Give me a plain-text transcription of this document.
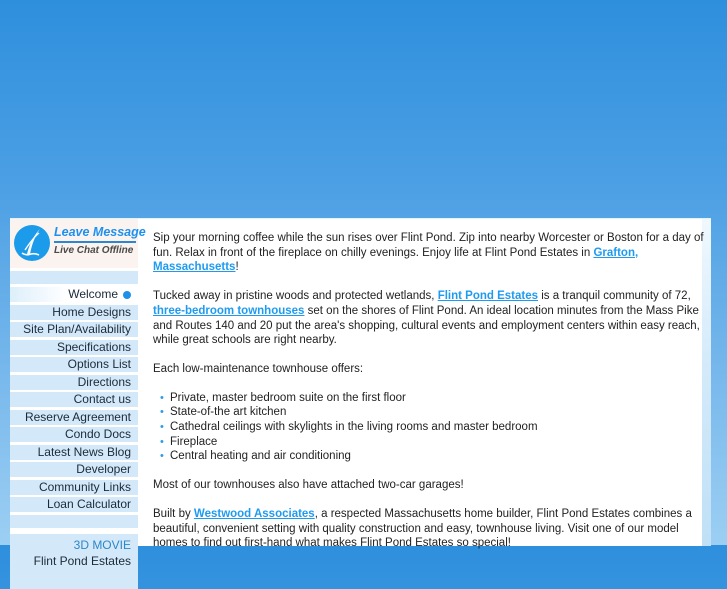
Leave Message
Live Chat Offline
Welcome
Home Designs
Site Plan/Availability
Specifications
Options List
Directions
Contact us
Reserve Agreement
Condo Docs
Latest News Blog
Developer
Community Links
Loan Calculator
3D MOVIE
Flint Pond Estates

Sip your morning coffee while the sun rises over Flint Pond. Zip into nearby Worcester or Boston for a day of fun. Relax in front of the fireplace on chilly evenings. Enjoy life at Flint Pond Estates in Grafton, Massachusetts!

Tucked away in pristine woods and protected wetlands, Flint Pond Estates is a tranquil community of 72, three-bedroom townhouses set on the shores of Flint Pond. An ideal location minutes from the Mass Pike and Routes 140 and 20 put the area's shopping, cultural events and employment centers within easy reach, while great schools are right nearby.

Each low-maintenance townhouse offers:

• Private, master bedroom suite on the first floor
• State-of-the art kitchen
• Cathedral ceilings with skylights in the living rooms and master bedroom
• Fireplace
• Central heating and air conditioning

Most of our townhouses also have attached two-car garages!

Built by Westwood Associates, a respected Massachusetts home builder, Flint Pond Estates combines a beautiful, convenient setting with quality construction and easy, townhouse living. Visit one of our model homes to find out first-hand what makes Flint Pond Estates so special!
